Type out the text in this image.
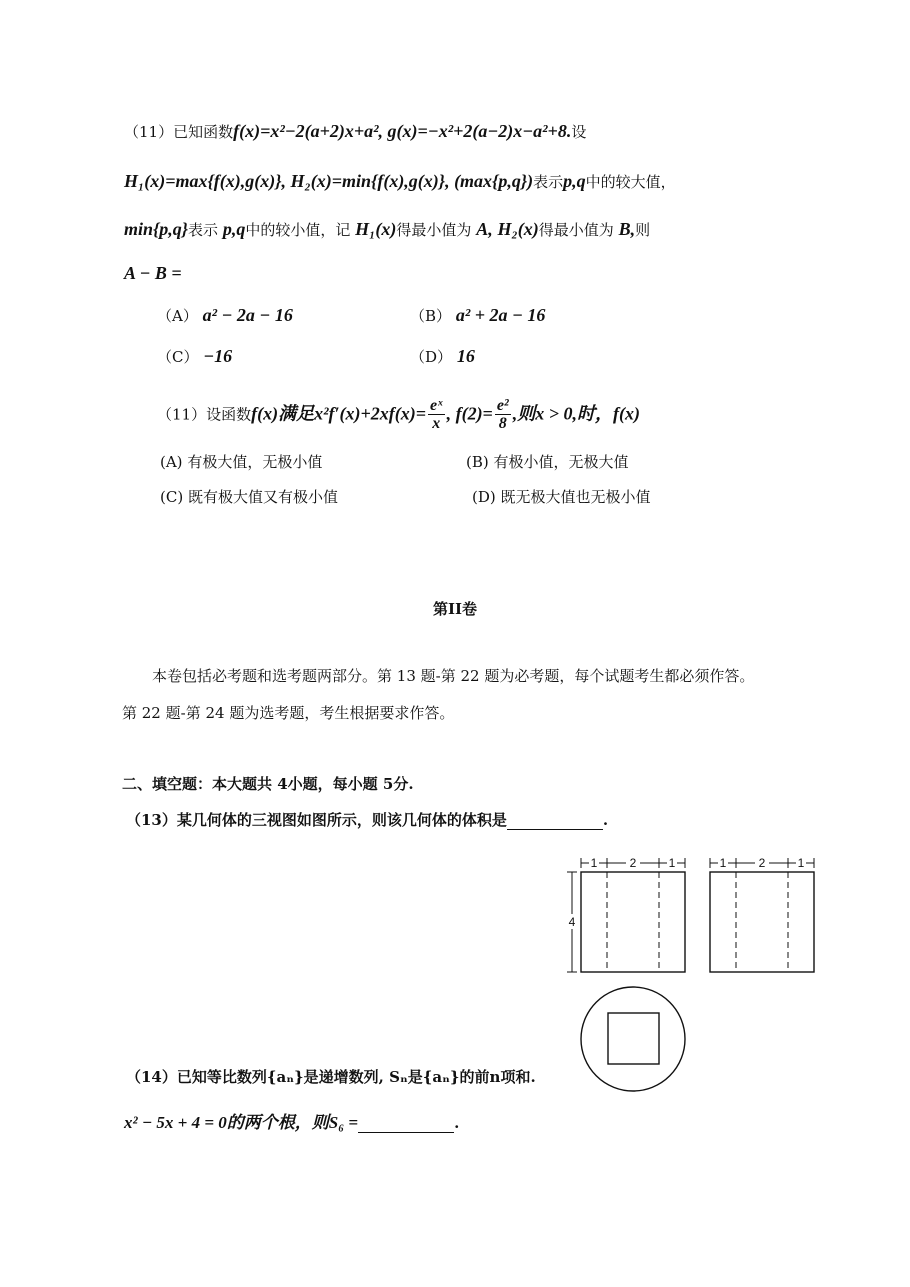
（11）已知函数f(x)=x²−2(a+2)x+a², g(x)=−x²+2(a−2)x−a²+8.设
H₁(x)=max{f(x),g(x)}, H₂(x)=min{f(x),g(x)}, (max{p,q})表示p,q中的较大值，
min{p,q}表示 p,q中的较小值，记 H₁(x)得最小值为 A, H₂(x)得最小值为 B,则
A − B =
（A） a² − 2a − 16	（B） a² + 2a − 16
（C） −16	（D） 16
（11）设函数f(x)满足$x^2f'(x)+2xf(x)= \frac{\text{eˣ}}{x}$ , $f(2)= \frac{\text{e²}}{8}$ ,则x > 0,时，f(x)
(A) 有极大值，无极小值	(B) 有极小值，无极大值
(C) 既有极大值又有极小值	(D) 既无极大值也无极小值
第II卷
本卷包括必考题和选考题两部分。第 13 题-第 22 题为必考题，每个试题考生都必须作答。
第 22 题-第 24 题为选考题，考生根据要求作答。
二、填空题：本大题共 4小题，每小题 5分.
（13）某几何体的三视图如图所示，则该几何体的体积是	.
1	2	1
4
1	2	1
（14）已知等比数列{aₙ}是递增数列, Sₙ是{aₙ}的前n项和.
x² − 5x + 4 = 0的两个根，则S₆ =	.
